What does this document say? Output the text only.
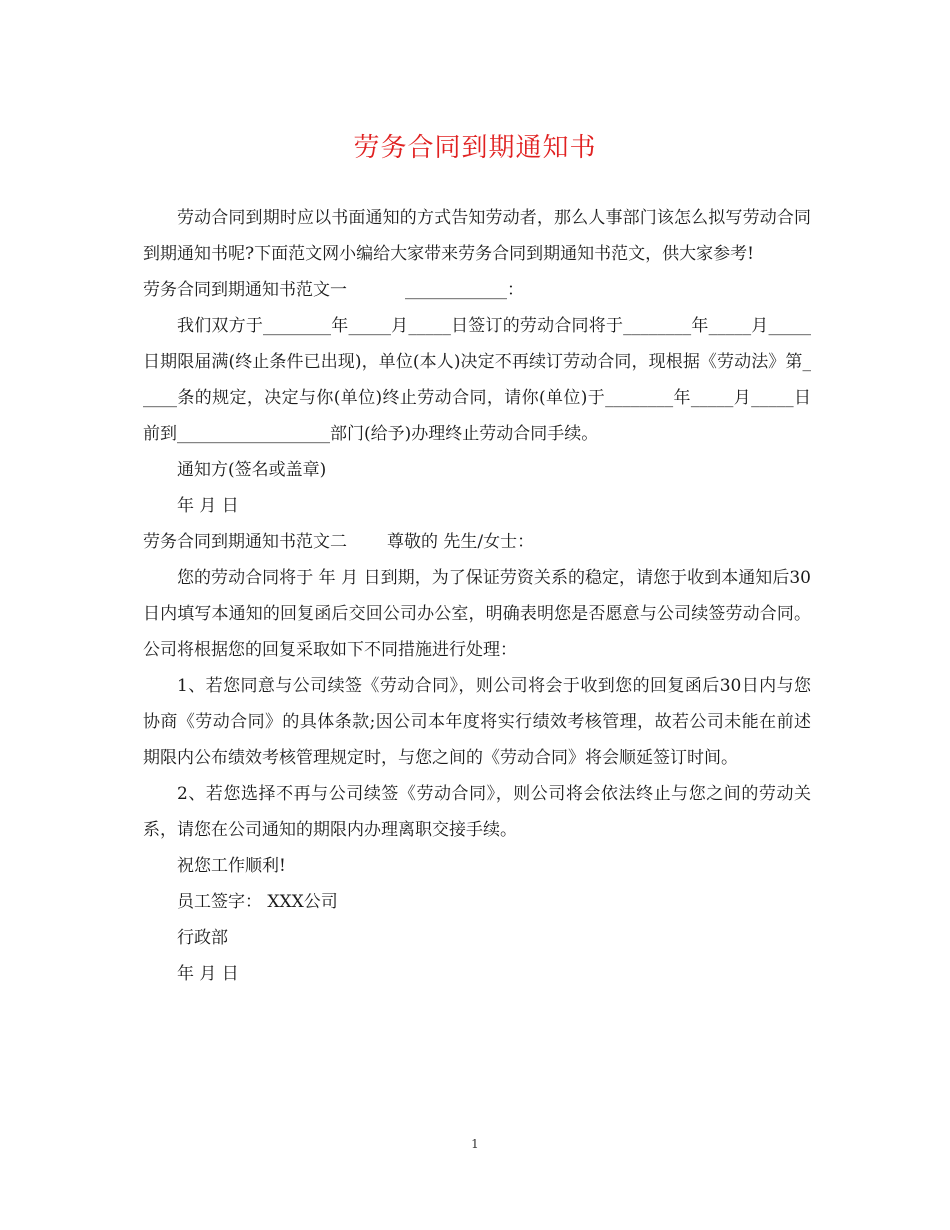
劳务合同到期通知书

劳动合同到期时应以书面通知的方式告知劳动者，那么人事部门该怎么拟写劳动合同到期通知书呢?下面范文网小编给大家带来劳务合同到期通知书范文，供大家参考!

劳务合同到期通知书范文一	____________：

我们双方于________年_____月_____日签订的劳动合同将于________年_____月_____日期限届满(终止条件已出现)，单位(本人)决定不再续订劳动合同，现根据《劳动法》第_____条的规定，决定与你(单位)终止劳动合同，请你(单位)于________年_____月_____日前到__________________部门(给予)办理终止劳动合同手续。

通知方(签名或盖章)

年 月 日

劳务合同到期通知书范文二 尊敬的 先生/女士：

您的劳动合同将于 年 月 日到期，为了保证劳资关系的稳定，请您于收到本通知后30日内填写本通知的回复函后交回公司办公室，明确表明您是否愿意与公司续签劳动合同。公司将根据您的回复采取如下不同措施进行处理：

1、若您同意与公司续签《劳动合同》，则公司将会于收到您的回复函后30日内与您协商《劳动合同》的具体条款;因公司本年度将实行绩效考核管理，故若公司未能在前述期限内公布绩效考核管理规定时，与您之间的《劳动合同》将会顺延签订时间。

2、若您选择不再与公司续签《劳动合同》，则公司将会依法终止与您之间的劳动关系，请您在公司通知的期限内办理离职交接手续。

祝您工作顺利!

员工签字： XXX公司

行政部

年 月 日

1
